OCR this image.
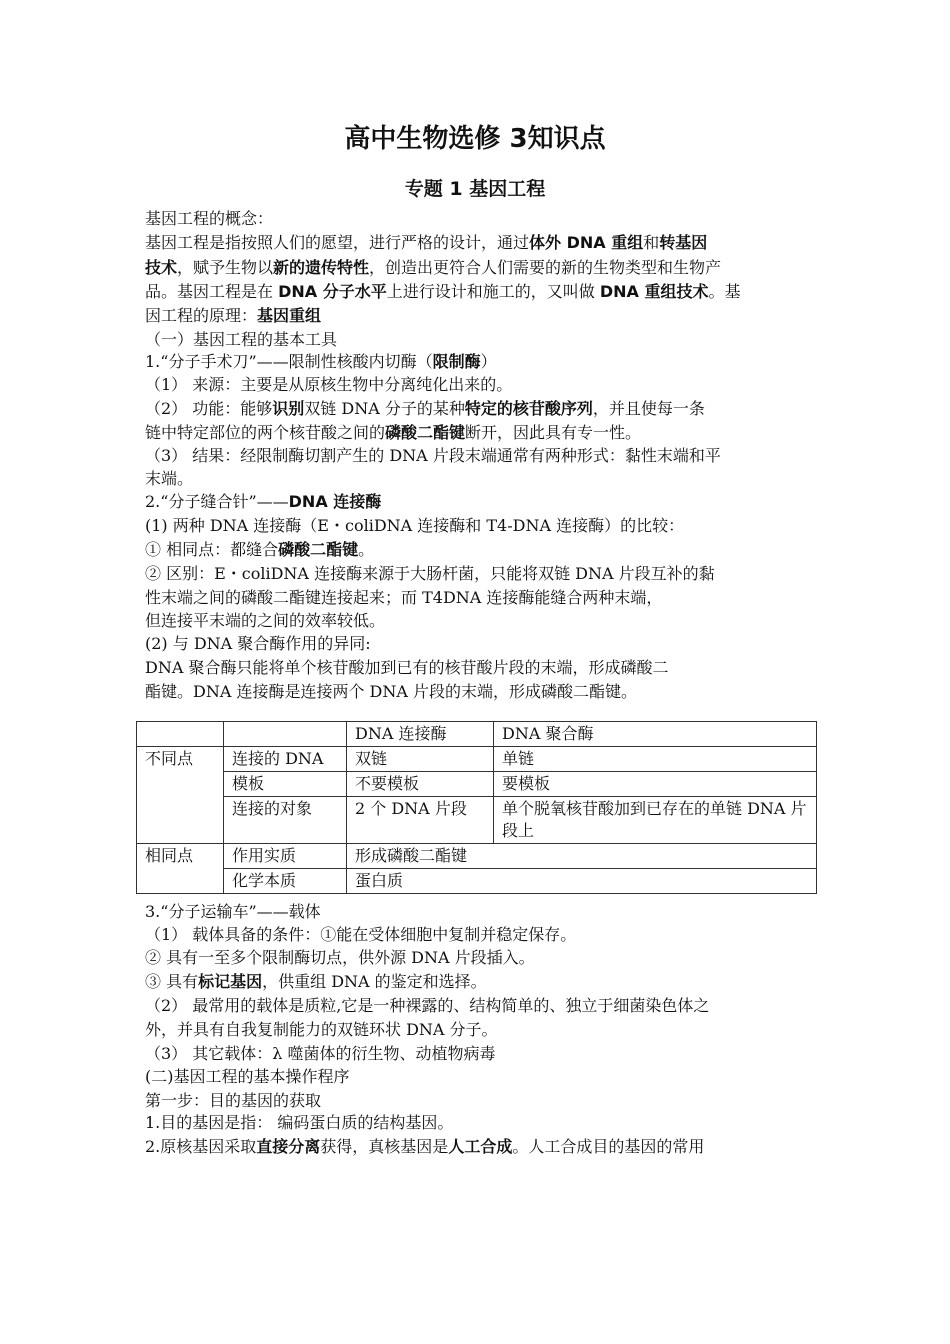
高中生物选修 3知识点
专题 1 基因工程
基因工程的概念：
基因工程是指按照人们的愿望，进行严格的设计，通过体外 DNA 重组和转基因
技术，赋予生物以新的遗传特性，创造出更符合人们需要的新的生物类型和生物产
品。基因工程是在 DNA 分子水平上进行设计和施工的，又叫做 DNA 重组技术。基
因工程的原理：基因重组
（一）基因工程的基本工具
1.“分子手术刀”——限制性核酸内切酶（限制酶）
（1） 来源：主要是从原核生物中分离纯化出来的。
（2） 功能：能够识别双链 DNA 分子的某种特定的核苷酸序列，并且使每一条
链中特定部位的两个核苷酸之间的磷酸二酯键断开，因此具有专一性。
（3） 结果：经限制酶切割产生的 DNA 片段末端通常有两种形式：黏性末端和平
末端。
2.“分子缝合针”——DNA 连接酶
(1) 两种 DNA 连接酶（E・coliDNA 连接酶和 T4-DNA 连接酶）的比较：
① 相同点：都缝合磷酸二酯键。
② 区别：E・coliDNA 连接酶来源于大肠杆菌，只能将双链 DNA 片段互补的黏
性末端之间的磷酸二酯键连接起来；而 T4DNA 连接酶能缝合两种末端，
但连接平末端的之间的效率较低。
(2) 与 DNA 聚合酶作用的异同:
DNA 聚合酶只能将单个核苷酸加到已有的核苷酸片段的末端，形成磷酸二
酯键。DNA 连接酶是连接两个 DNA 片段的末端，形成磷酸二酯键。
3.“分子运输车”——载体
（1） 载体具备的条件：①能在受体细胞中复制并稳定保存。
② 具有一至多个限制酶切点，供外源 DNA 片段插入。
③ 具有标记基因，供重组 DNA 的鉴定和选择。
（2） 最常用的载体是质粒,它是一种裸露的、结构简单的、独立于细菌染色体之
外，并具有自我复制能力的双链环状 DNA 分子。
（3） 其它载体：λ 噬菌体的衍生物、动植物病毒
(二)基因工程的基本操作程序
第一步：目的基因的获取
1.目的基因是指： 编码蛋白质的结构基因。
2.原核基因采取直接分离获得，真核基因是人工合成。人工合成目的基因的常用
		DNA 连接酶	DNA 聚合酶
不同点	连接的 DNA	双链	单链
	模板	不要模板	要模板
	连接的对象	2 个 DNA 片段	单个脱氧核苷酸加到已存在的单链 DNA 片段上
相同点	作用实质	形成磷酸二酯键	
	化学本质	蛋白质	
